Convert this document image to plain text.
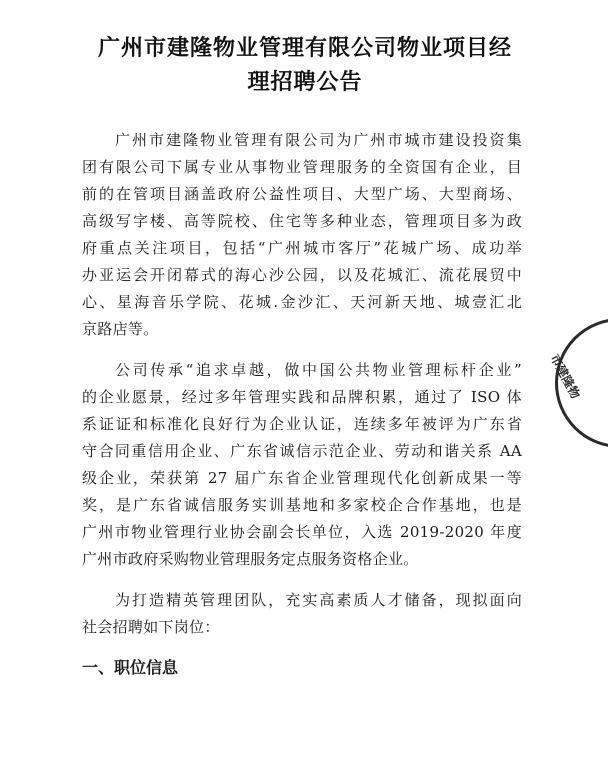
广州市建隆物业管理有限公司物业项目经
理招聘公告
广州市建隆物业管理有限公司为广州市城市建设投资集
团有限公司下属专业从事物业管理服务的全资国有企业，目
前的在管项目涵盖政府公益性项目、大型广场、大型商场、
高级写字楼、高等院校、住宅等多种业态，管理项目多为政
府重点关注项目，包括“广州城市客厅”花城广场、成功举
办亚运会开闭幕式的海心沙公园，以及花城汇、流花展贸中
心、星海音乐学院、花城.金沙汇、天河新天地、城壹汇北
京路店等。
公司传承“追求卓越，做中国公共物业管理标杆企业”
的企业愿景，经过多年管理实践和品牌积累，通过了 ISO 体
系证证和标准化良好行为企业认证，连续多年被评为广东省
守合同重信用企业、广东省诚信示范企业、劳动和谐关系 AA
级企业，荣获第 27 届广东省企业管理现代化创新成果一等
奖，是广东省诚信服务实训基地和多家校企合作基地，也是
广州市物业管理行业协会副会长单位，入选 2019-2020 年度
广州市政府采购物业管理服务定点服务资格企业。
为打造精英管理团队，充实高素质人才储备，现拟面向
社会招聘如下岗位：
一、职位信息
市建隆物
